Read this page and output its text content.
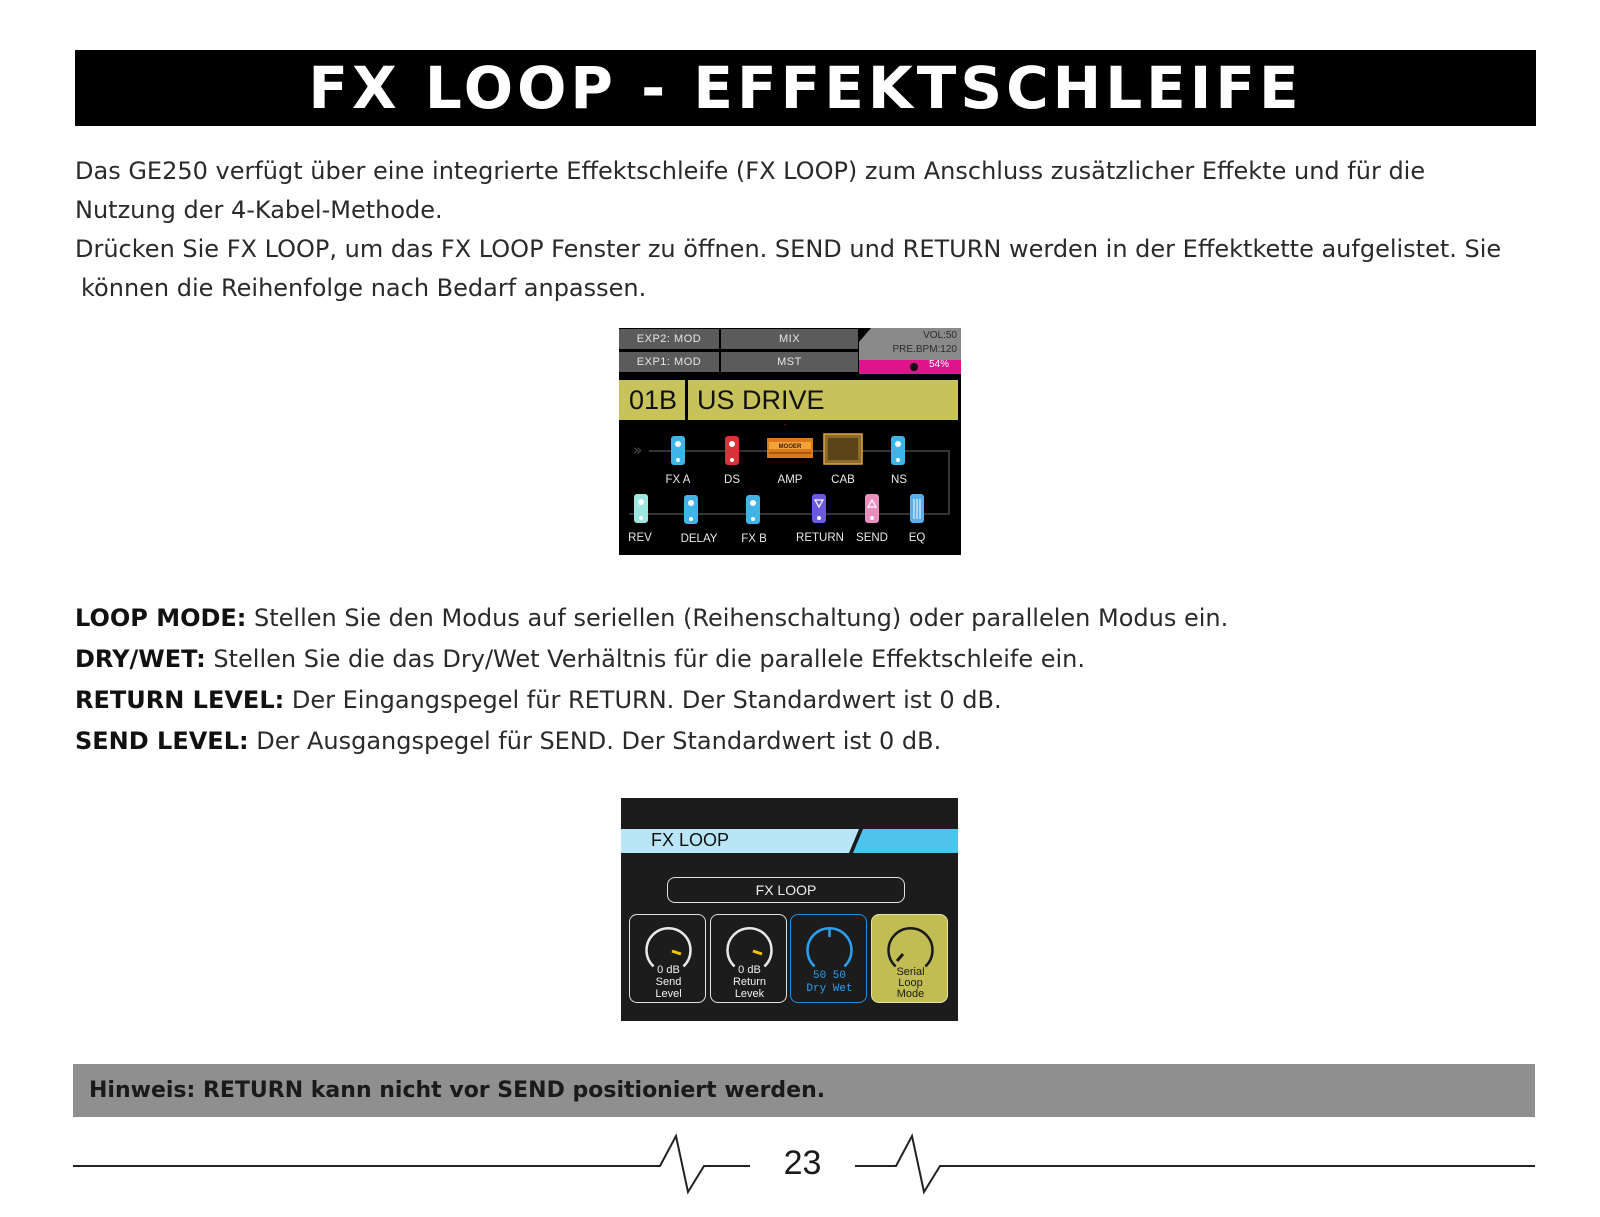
FX LOOP - EFFEKTSCHLEIFE

Das GE250 verfügt über eine integrierte Effektschleife (FX LOOP) zum Anschluss zusätzlicher Effekte und für die

Nutzung der 4-Kabel-Methode.

Drücken Sie FX LOOP, um das FX LOOP Fenster zu öffnen. SEND und RETURN werden in der Effektkette aufgelistet. Sie

können die Reihenfolge nach Bedarf anpassen.

EXP2: MOD	MIX
EXP1: MOD	MST
VOL:50
PRE.BPM:120
54%
01B US DRIVE
»	MOOER
FX A	DS	AMP CAB	NS
REV DELAY FX B	RETURN SEND EQ

LOOP MODE: Stellen Sie den Modus auf seriellen (Reihenschaltung) oder parallelen Modus ein.

DRY/WET: Stellen Sie die das Dry/Wet Verhältnis für die parallele Effektschleife ein.

RETURN LEVEL: Der Eingangspegel für RETURN. Der Standardwert ist 0 dB.

SEND LEVEL: Der Ausgangspegel für SEND. Der Standardwert ist 0 dB.

FX LOOP
FX LOOP
0 dB
Send
Level
0 dB
Return
Levek
50 50
Dry Wet
Serial
Loop
Mode
Hinweis: RETURN kann nicht vor SEND positioniert werden.
23
